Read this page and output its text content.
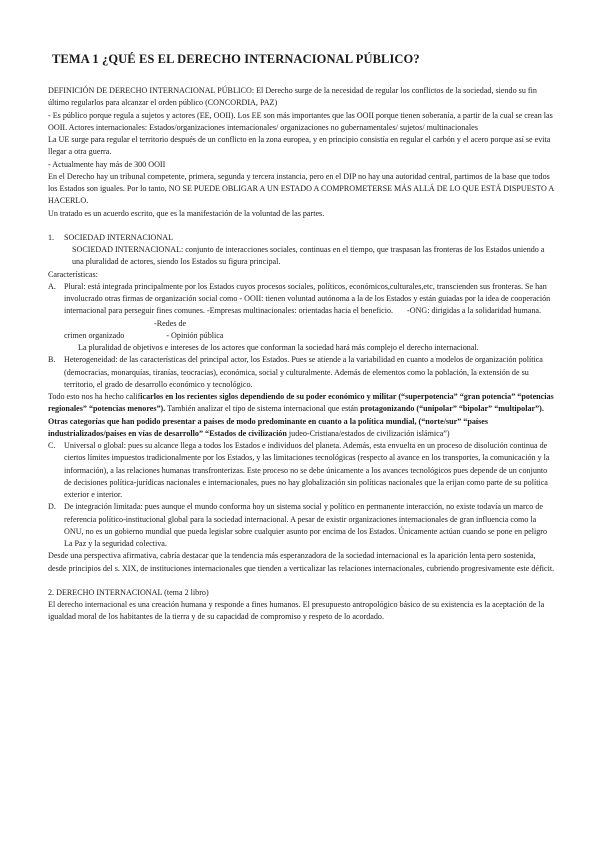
TEMA 1 ¿QUÉ ES EL DERECHO INTERNACIONAL PÚBLICO?

DEFINICIÓN DE DERECHO INTERNACIONAL PÚBLICO: El Derecho surge de la necesidad de regular los conflictos de la sociedad, siendo su fin último regularlos para alcanzar el orden público (CONCORDIA, PAZ)

- Es público porque regula a sujetos y actores (EE, OOII). Los EE son más importantes que las OOII porque tienen soberanía, a partir de la cual se crean las OOII. Actores internacionales: Estados/organizaciones internacionales/ organizaciones no gubernamentales/ sujetos/ multinacionales

La UE surge para regular el territorio después de un conflicto en la zona europea, y en principio consistía en regular el carbón y el acero porque así se evita llegar a otra guerra.

- Actualmente hay más de 300 OOII

En el Derecho hay un tribunal competente, primera, segunda y tercera instancia, pero en el DIP no hay una autoridad central, partimos de la base que todos los Estados son iguales. Por lo tanto, NO SE PUEDE OBLIGAR A UN ESTADO A COMPROMETERSE MÁS ALLÁ DE LO QUE ESTÁ DISPUESTO A HACERLO.

Un tratado es un acuerdo escrito, que es la manifestación de la voluntad de las partes.

1.	SOCIEDAD INTERNACIONAL

SOCIEDAD INTERNACIONAL: conjunto de interacciones sociales, continuas en el tiempo, que traspasan las fronteras de los Estados uniendo a una pluralidad de actores, siendo los Estados su figura principal.

Características:

A.	Plural: está integrada principalmente por los Estados cuyos procesos sociales, políticos, económicos,culturales,etc, transcienden sus fronteras. Se han involucrado otras firmas de organización social como - OOII: tienen voluntad autónoma a la de los Estados y están guiadas por la idea de cooperación internacional para perseguir fines comunes. -Empresas multinacionales: orientadas hacia el beneficio. -ONG: dirigidas a la solidaridad humana. -Redes de
crimen organizado	- Opinión pública
La pluralidad de objetivos e intereses de los actores que conforman la sociedad hará más complejo el derecho internacional.
B.	Heterogeneidad: de las características del principal actor, los Estados. Pues se atiende a la variabilidad en cuanto a modelos de organización política (democracias, monarquías, tiranías, teocracias), económica, social y culturalmente. Además de elementos como la población, la extensión de su territorio, el grado de desarrollo económico y tecnológico.

Todo esto nos ha hecho calificarlos en los recientes siglos dependiendo de su poder económico y militar (“superpotencia” “gran potencia” “potencias regionales” “potencias menores”). También analizar el tipo de sistema internacional que están protagonizando (“unipolar” “bipolar” “multipolar”). Otras categorías que han podido presentar a países de modo predominante en cuanto a la política mundial, (“norte/sur” “países industrializados/países en vías de desarrollo” “Estados de civilización judeo-Cristiana/estados de civilización islámica”)

C.	Universal o global: pues su alcance llega a todos los Estados e individuos del planeta. Además, esta envuelta en un proceso de disolución continua de ciertos límites impuestos tradicionalmente por los Estados, y las limitaciones tecnológicas (respecto al avance en los transportes, la comunicación y la información), a las relaciones humanas transfronterizas. Este proceso no se debe únicamente a los avances tecnológicos pues depende de un conjunto de decisiones política-jurídicas nacionales e internacionales, pues no hay globalización sin políticas nacionales que la erijan como parte de su política exterior e interior.
D.	De integración limitada: pues aunque el mundo conforma hoy un sistema social y político en permanente interacción, no existe todavía un marco de referencia político-institucional global para la sociedad internacional. A pesar de existir organizaciones internacionales de gran influencia como la ONU, no es un gobierno mundial que pueda legislar sobre cualquier asunto por encima de los Estados. Únicamente actúan cuando se pone en peligro La Paz y la seguridad colectiva.

Desde una perspectiva afirmativa, cabría destacar que la tendencia más esperanzadora de la sociedad internacional es la aparición lenta pero sostenida, desde principios del s. XIX, de instituciones internacionales que tienden a verticalizar las relaciones internacionales, cubriendo progresivamente este déficit.

2. DERECHO INTERNACIONAL (tema 2 libro)

El derecho internacional es una creación humana y responde a fines humanos. El presupuesto antropológico básico de su existencia es la aceptación de la igualdad moral de los habitantes de la tierra y de su capacidad de compromiso y respeto de lo acordado.
